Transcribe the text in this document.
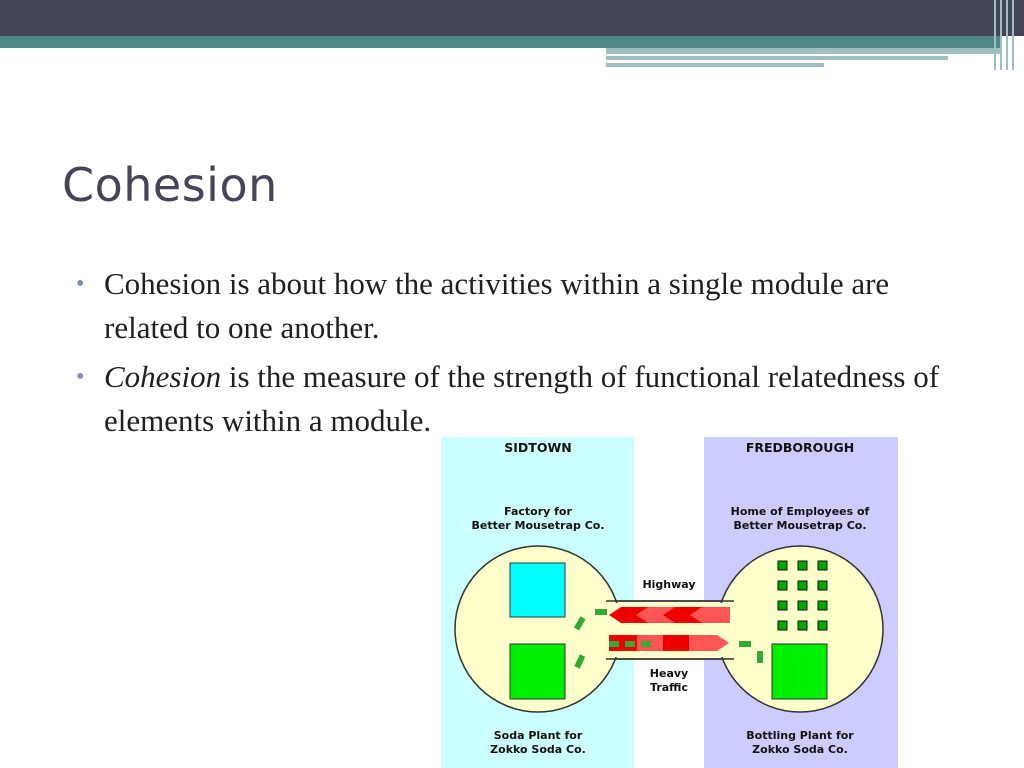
Cohesion
• Cohesion is about how the activities within a single module are related to one another.
• Cohesion is the measure of the strength of functional relatedness of elements within a module.
SIDTOWN	FREDBOROUGH
Factory for
Better Mousetrap Co.
Home of Employees of
Better Mousetrap Co.
Highway
Heavy
Traffic
Soda Plant for
Zokko Soda Co.
Bottling Plant for
Zokko Soda Co.
